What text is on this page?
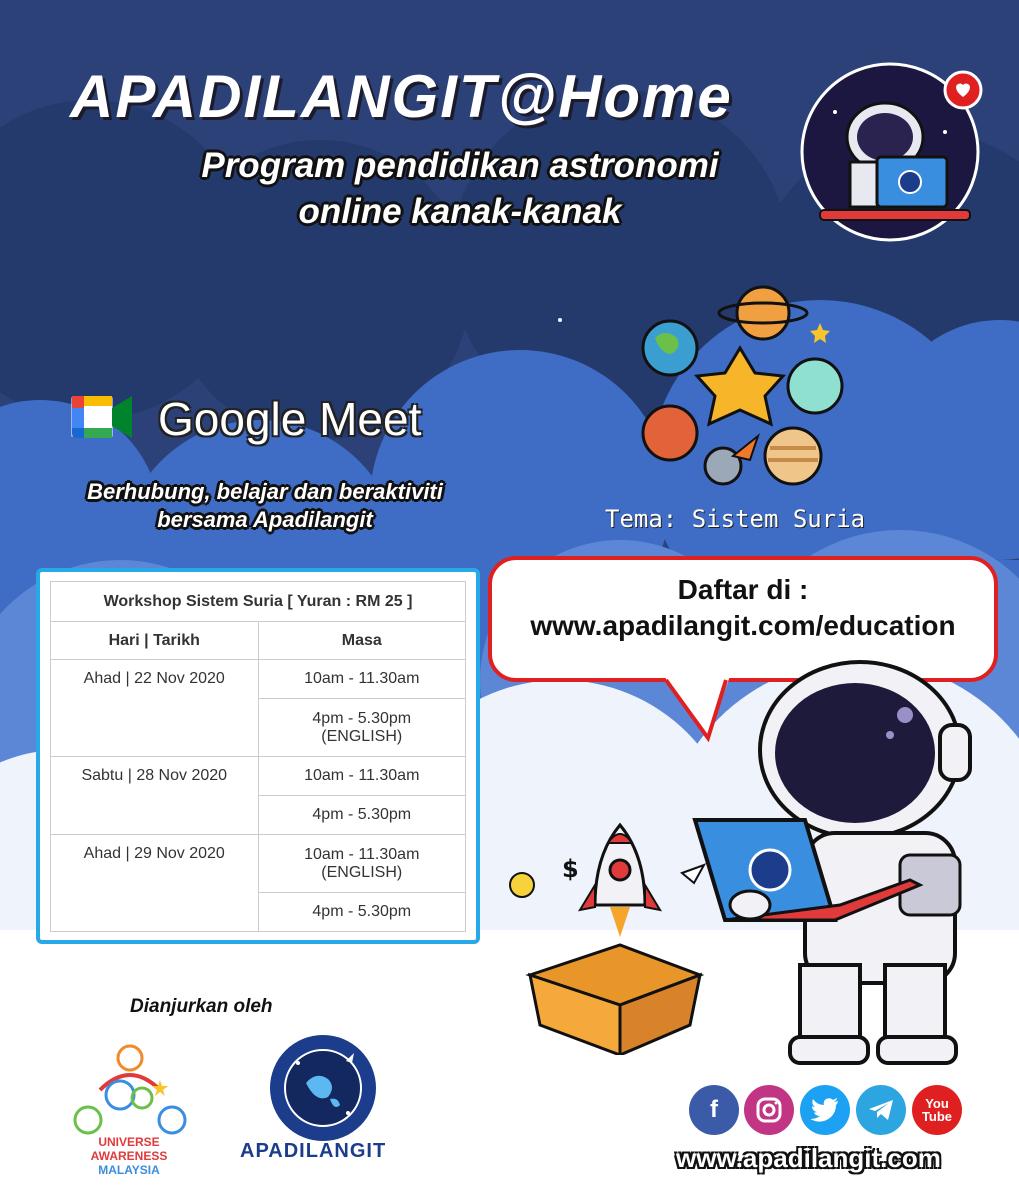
APADILANGIT@Home
Program pendidikan astronomi
online kanak-kanak
Google Meet
Berhubung, belajar dan beraktiviti
bersama Apadilangit	Tema: Sistem Suria
Daftar di :
www.apadilangit.com/education
Workshop Sistem Suria [ Yuran : RM 25 ]	
Hari | Tarikh	Masa
Ahad | 22 Nov 2020	10am - 11.30am

	4pm - 5.30pm
(ENGLISH)

Sabtu | 28 Nov 2020	10am - 11.30am
	4pm - 5.30pm
Ahad | 29 Nov 2020	10am - 11.30am
(ENGLISH)

	4pm - 5.30pm
$
Dianjurkan oleh
UNIVERSE AWARENESS
MALAYSIA
APADILANGIT
f	You
Tube
www.apadilangit.com
